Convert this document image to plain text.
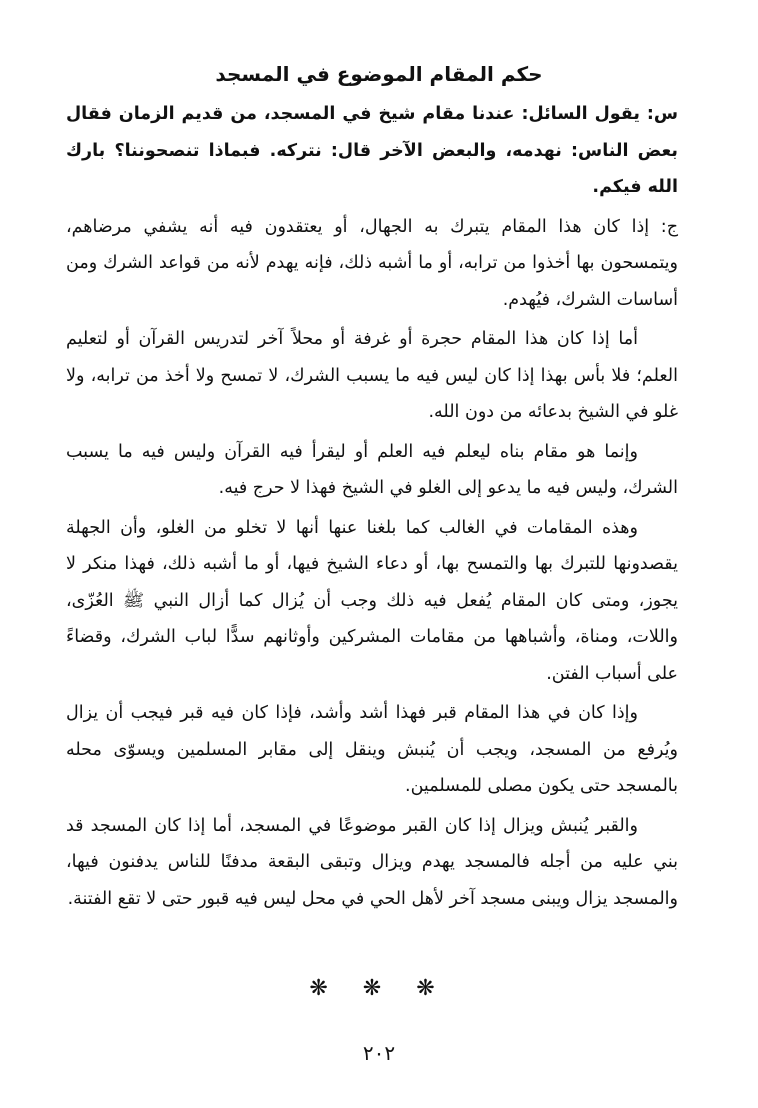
حكم المقام الموضوع في المسجد

س: يقول السائل: عندنا مقام شيخ في المسجد، من قديم الزمان فقال بعض الناس: نهدمه، والبعض الآخر قال: نتركه. فبماذا تنصحوننا؟ بارك الله فيكم.

ج: إذا كان هذا المقام يتبرك به الجهال، أو يعتقدون فيه أنه يشفي مرضاهم، ويتمسحون بها أخذوا من ترابه، أو ما أشبه ذلك، فإنه يهدم لأنه من قواعد الشرك ومن أساسات الشرك، فيُهدم.

أما إذا كان هذا المقام حجرة أو غرفة أو محلاً آخر لتدريس القرآن أو لتعليم العلم؛ فلا بأس بهذا إذا كان ليس فيه ما يسبب الشرك، لا تمسح ولا أخذ من ترابه، ولا غلو في الشيخ بدعائه من دون الله.

وإنما هو مقام بناه ليعلم فيه العلم أو ليقرأ فيه القرآن وليس فيه ما يسبب الشرك، وليس فيه ما يدعو إلى الغلو في الشيخ فهذا لا حرج فيه.

وهذه المقامات في الغالب كما بلغنا عنها أنها لا تخلو من الغلو، وأن الجهلة يقصدونها للتبرك بها والتمسح بها، أو دعاء الشيخ فيها، أو ما أشبه ذلك، فهذا منكر لا يجوز، ومتى كان المقام يُفعل فيه ذلك وجب أن يُزال كما أزال النبي ﷺ العُزّى، واللات، ومناة، وأشباهها من مقامات المشركين وأوثانهم سدًّا لباب الشرك، وقضاءً على أسباب الفتن.

وإذا كان في هذا المقام قبر فهذا أشد وأشد، فإذا كان فيه قبر فيجب أن يزال ويُرفع من المسجد، ويجب أن يُنبش وينقل إلى مقابر المسلمين ويسوّى محله بالمسجد حتى يكون مصلى للمسلمين.

والقبر يُنبش ويزال إذا كان القبر موضوعًا في المسجد، أما إذا كان المسجد قد بني عليه من أجله فالمسجد يهدم ويزال وتبقى البقعة مدفنًا للناس يدفنون فيها، والمسجد يزال ويبنى مسجد آخر لأهل الحي في محل ليس فيه قبور حتى لا تقع الفتنة.

❋ ❋ ❋
٢٠٢
